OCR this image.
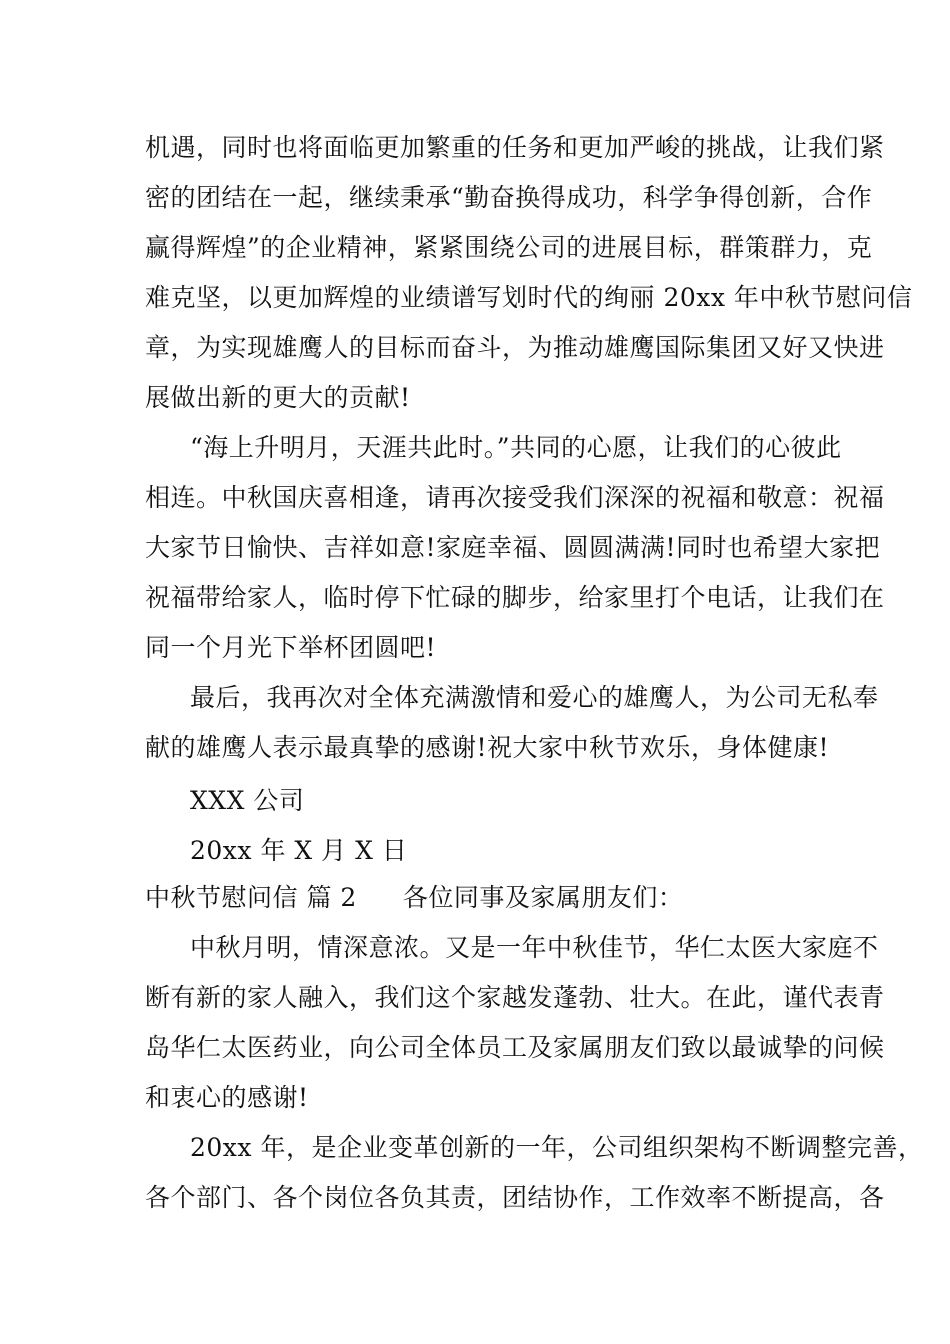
机遇，同时也将面临更加繁重的任务和更加严峻的挑战，让我们紧
密的团结在一起，继续秉承“勤奋换得成功，科学争得创新，合作
赢得辉煌”的企业精神，紧紧围绕公司的进展目标，群策群力，克
难克坚，以更加辉煌的业绩谱写划时代的绚丽 20xx 年中秋节慰问信
章，为实现雄鹰人的目标而奋斗，为推动雄鹰国际集团又好又快进
展做出新的更大的贡献!
“海上升明月，天涯共此时。”共同的心愿，让我们的心彼此
相连。中秋国庆喜相逢，请再次接受我们深深的祝福和敬意：祝福
大家节日愉快、吉祥如意!家庭幸福、圆圆满满!同时也希望大家把
祝福带给家人，临时停下忙碌的脚步，给家里打个电话，让我们在
同一个月光下举杯团圆吧!
最后，我再次对全体充满激情和爱心的雄鹰人，为公司无私奉
献的雄鹰人表示最真挚的感谢!祝大家中秋节欢乐，身体健康!
XXX 公司
20xx 年 X 月 X 日
中秋节慰问信 篇 2 各位同事及家属朋友们：
中秋月明，情深意浓。又是一年中秋佳节，华仁太医大家庭不
断有新的家人融入，我们这个家越发蓬勃、壮大。在此，谨代表青
岛华仁太医药业，向公司全体员工及家属朋友们致以最诚挚的问候
和衷心的感谢!
20xx 年，是企业变革创新的一年，公司组织架构不断调整完善，
各个部门、各个岗位各负其责，团结协作，工作效率不断提高，各
